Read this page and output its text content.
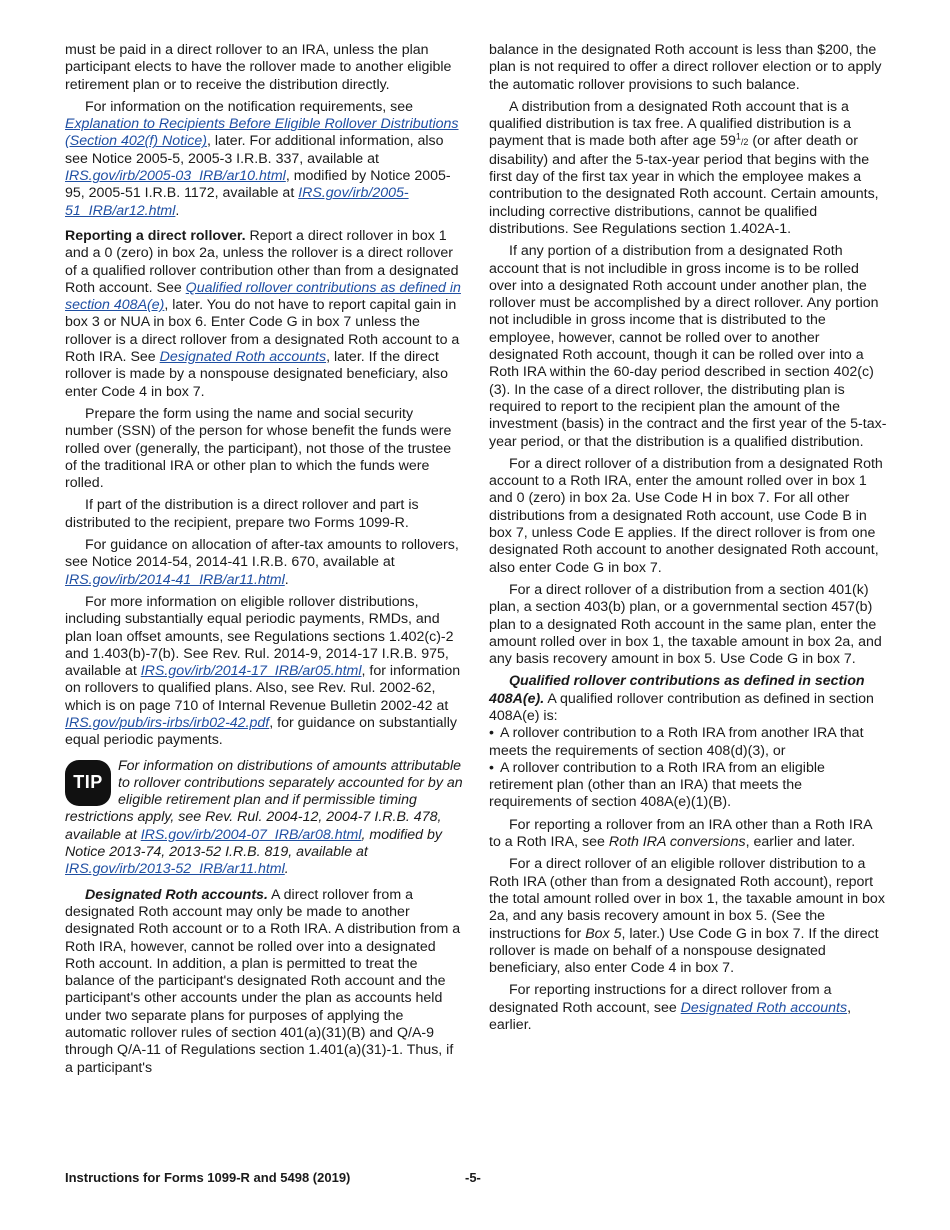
must be paid in a direct rollover to an IRA, unless the plan participant elects to have the rollover made to another eligible retirement plan or to receive the distribution directly.

For information on the notification requirements, see Explanation to Recipients Before Eligible Rollover Distributions (Section 402(f) Notice), later. For additional information, also see Notice 2005-5, 2005-3 I.R.B. 337, available at IRS.gov/irb/2005-03_IRB/ar10.html, modified by Notice 2005-95, 2005-51 I.R.B. 1172, available at IRS.gov/irb/2005-51_IRB/ar12.html.

Reporting a direct rollover. Report a direct rollover in box 1 and a 0 (zero) in box 2a, unless the rollover is a direct rollover of a qualified rollover contribution other than from a designated Roth account. See Qualified rollover contributions as defined in section 408A(e), later. You do not have to report capital gain in box 3 or NUA in box 6. Enter Code G in box 7 unless the rollover is a direct rollover from a designated Roth account to a Roth IRA. See Designated Roth accounts, later. If the direct rollover is made by a nonspouse designated beneficiary, also enter Code 4 in box 7.

Prepare the form using the name and social security number (SSN) of the person for whose benefit the funds were rolled over (generally, the participant), not those of the trustee of the traditional IRA or other plan to which the funds were rolled.

If part of the distribution is a direct rollover and part is distributed to the recipient, prepare two Forms 1099-R.

For guidance on allocation of after-tax amounts to rollovers, see Notice 2014-54, 2014-41 I.R.B. 670, available at IRS.gov/irb/2014-41_IRB/ar11.html.

For more information on eligible rollover distributions, including substantially equal periodic payments, RMDs, and plan loan offset amounts, see Regulations sections 1.402(c)-2 and 1.403(b)-7(b). See Rev. Rul. 2014-9, 2014-17 I.R.B. 975, available at IRS.gov/irb/2014-17_IRB/ar05.html, for information on rollovers to qualified plans. Also, see Rev. Rul. 2002-62, which is on page 710 of Internal Revenue Bulletin 2002-42 at IRS.gov/pub/irs-irbs/irb02-42.pdf, for guidance on substantially equal periodic payments.

TIP
For information on distributions of amounts attributable to rollover contributions separately accounted for by an eligible retirement plan and if permissible timing restrictions apply, see Rev. Rul. 2004-12, 2004-7 I.R.B. 478, available at IRS.gov/irb/2004-07_IRB/ar08.html, modified by Notice 2013-74, 2013-52 I.R.B. 819, available at IRS.gov/irb/2013-52_IRB/ar11.html.

Designated Roth accounts. A direct rollover from a designated Roth account may only be made to another designated Roth account or to a Roth IRA. A distribution from a Roth IRA, however, cannot be rolled over into a designated Roth account. In addition, a plan is permitted to treat the balance of the participant's designated Roth account and the participant's other accounts under the plan as accounts held under two separate plans for purposes of applying the automatic rollover rules of section 401(a)(31)(B) and Q/A-9 through Q/A-11 of Regulations section 1.401(a)(31)-1. Thus, if a participant's

balance in the designated Roth account is less than $200, the plan is not required to offer a direct rollover election or to apply the automatic rollover provisions to such balance.

A distribution from a designated Roth account that is a qualified distribution is tax free. A qualified distribution is a payment that is made both after age $59^1/2$ (or after death or disability) and after the 5-tax-year period that begins with the first day of the first tax year in which the employee makes a contribution to the designated Roth account. Certain amounts, including corrective distributions, cannot be qualified distributions. See Regulations section 1.402A-1.

If any portion of a distribution from a designated Roth account that is not includible in gross income is to be rolled over into a designated Roth account under another plan, the rollover must be accomplished by a direct rollover. Any portion not includible in gross income that is distributed to the employee, however, cannot be rolled over to another designated Roth account, though it can be rolled over into a Roth IRA within the 60-day period described in section 402(c)(3). In the case of a direct rollover, the distributing plan is required to report to the recipient plan the amount of the investment (basis) in the contract and the first year of the 5-tax-year period, or that the distribution is a qualified distribution.

For a direct rollover of a distribution from a designated Roth account to a Roth IRA, enter the amount rolled over in box 1 and 0 (zero) in box 2a. Use Code H in box 7. For all other distributions from a designated Roth account, use Code B in box 7, unless Code E applies. If the direct rollover is from one designated Roth account to another designated Roth account, also enter Code G in box 7.

For a direct rollover of a distribution from a section 401(k) plan, a section 403(b) plan, or a governmental section 457(b) plan to a designated Roth account in the same plan, enter the amount rolled over in box 1, the taxable amount in box 2a, and any basis recovery amount in box 5. Use Code G in box 7.

Qualified rollover contributions as defined in section 408A(e). A qualified rollover contribution as defined in section 408A(e) is:

• A rollover contribution to a Roth IRA from another IRA that meets the requirements of section 408(d)(3), or

• A rollover contribution to a Roth IRA from an eligible retirement plan (other than an IRA) that meets the requirements of section 408A(e)(1)(B).

For reporting a rollover from an IRA other than a Roth IRA to a Roth IRA, see Roth IRA conversions, earlier and later.

For a direct rollover of an eligible rollover distribution to a Roth IRA (other than from a designated Roth account), report the total amount rolled over in box 1, the taxable amount in box 2a, and any basis recovery amount in box 5. (See the instructions for Box 5, later.) Use Code G in box 7. If the direct rollover is made on behalf of a nonspouse designated beneficiary, also enter Code 4 in box 7.

For reporting instructions for a direct rollover from a designated Roth account, see Designated Roth accounts, earlier.

Instructions for Forms 1099-R and 5498 (2019)	-5-
